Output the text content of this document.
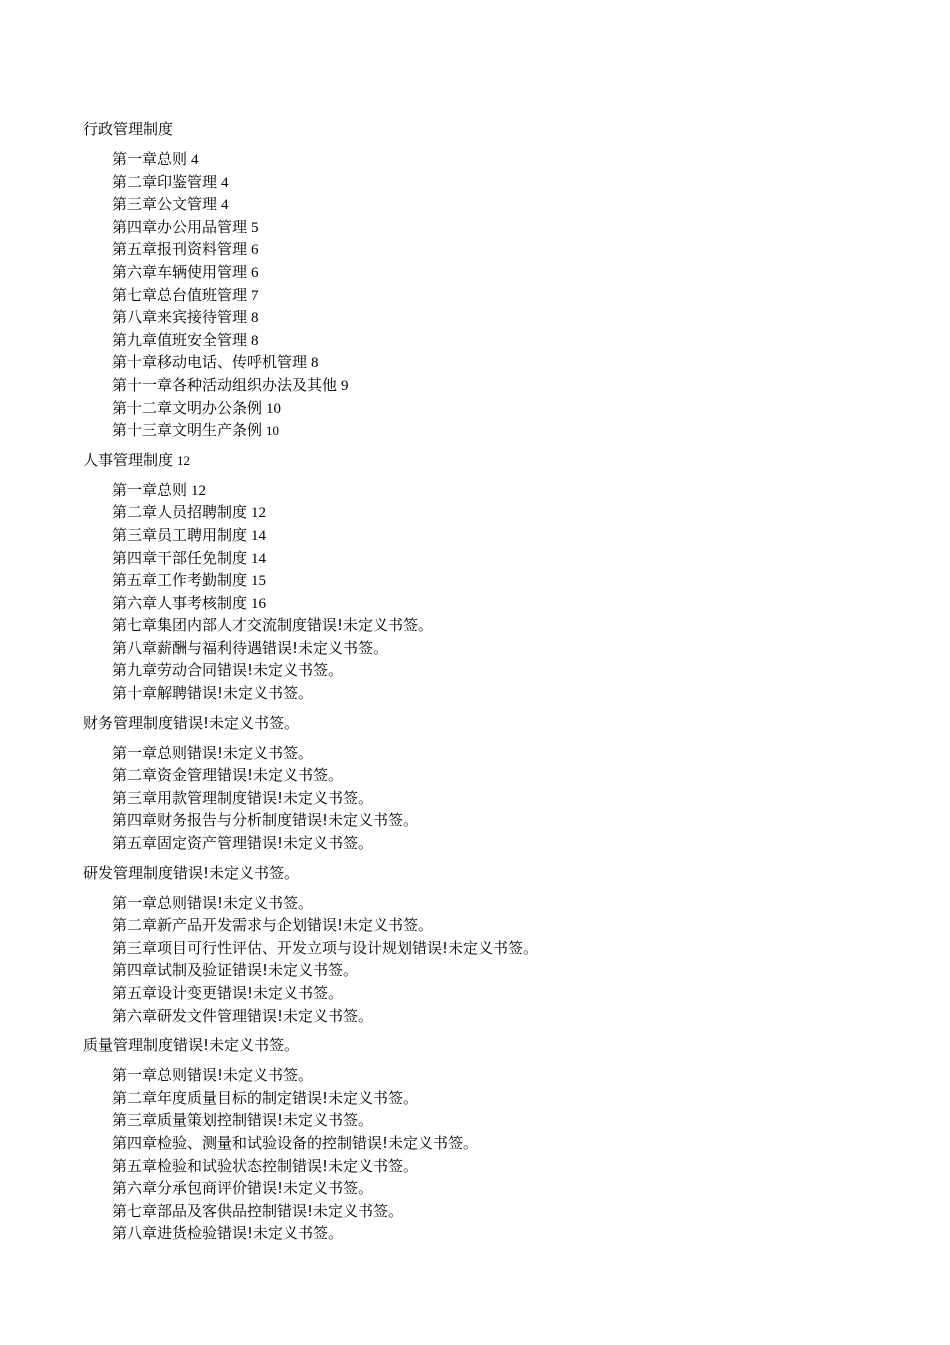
行政管理制度
第一章总则 4
第二章印鉴管理 4
第三章公文管理 4
第四章办公用品管理 5
第五章报刊资料管理 6
第六章车辆使用管理 6
第七章总台值班管理 7
第八章来宾接待管理 8
第九章值班安全管理 8
第十章移动电话、传呼机管理 8
第十一章各种活动组织办法及其他 9
第十二章文明办公条例 10
第十三章文明生产条例 10
人事管理制度 12
第一章总则 12
第二章人员招聘制度 12
第三章员工聘用制度 14
第四章干部任免制度 14
第五章工作考勤制度 15
第六章人事考核制度 16
第七章集团内部人才交流制度错误!未定义书签。
第八章薪酬与福利待遇错误!未定义书签。
第九章劳动合同错误!未定义书签。
第十章解聘错误!未定义书签。
财务管理制度错误!未定义书签。
第一章总则错误!未定义书签。
第二章资金管理错误!未定义书签。
第三章用款管理制度错误!未定义书签。
第四章财务报告与分析制度错误!未定义书签。
第五章固定资产管理错误!未定义书签。
研发管理制度错误!未定义书签。
第一章总则错误!未定义书签。
第二章新产品开发需求与企划错误!未定义书签。
第三章项目可行性评估、开发立项与设计规划错误!未定义书签。
第四章试制及验证错误!未定义书签。
第五章设计变更错误!未定义书签。
第六章研发文件管理错误!未定义书签。
质量管理制度错误!未定义书签。
第一章总则错误!未定义书签。
第二章年度质量目标的制定错误!未定义书签。
第三章质量策划控制错误!未定义书签。
第四章检验、测量和试验设备的控制错误!未定义书签。
第五章检验和试验状态控制错误!未定义书签。
第六章分承包商评价错误!未定义书签。
第七章部品及客供品控制错误!未定义书签。
第八章进货检验错误!未定义书签。
